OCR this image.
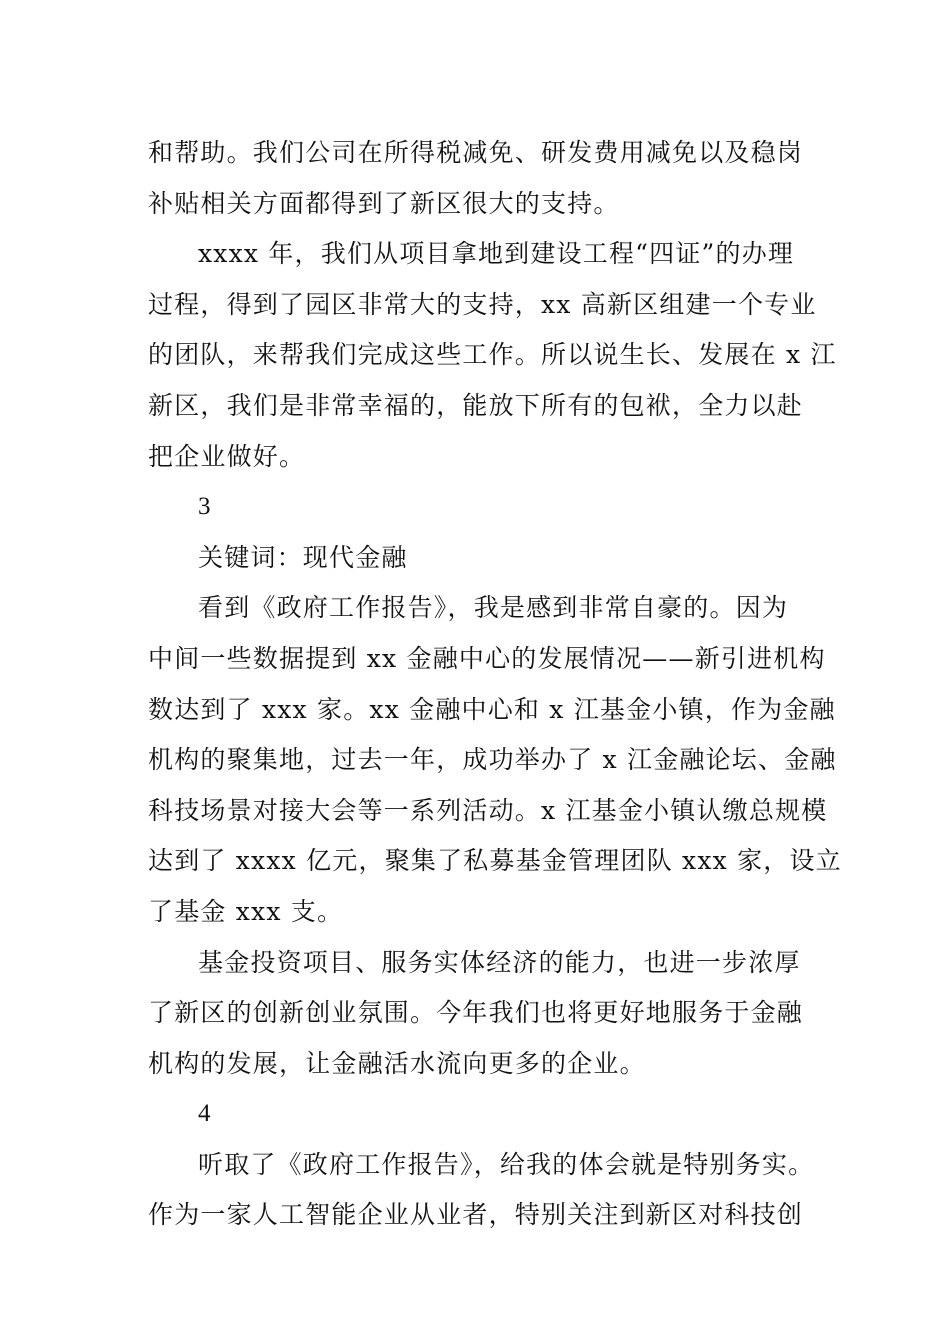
和帮助。我们公司在所得税减免、研发费用减免以及稳岗
补贴相关方面都得到了新区很大的支持。

xxxx 年，我们从项目拿地到建设工程“四证”的办理
过程，得到了园区非常大的支持，xx 高新区组建一个专业
的团队，来帮我们完成这些工作。所以说生长、发展在 x 江
新区，我们是非常幸福的，能放下所有的包袱，全力以赴
把企业做好。

3

关键词：现代金融

看到《政府工作报告》，我是感到非常自豪的。因为
中间一些数据提到 xx 金融中心的发展情况——新引进机构
数达到了 xxx 家。xx 金融中心和 x 江基金小镇，作为金融
机构的聚集地，过去一年，成功举办了 x 江金融论坛、金融
科技场景对接大会等一系列活动。x 江基金小镇认缴总规模
达到了 xxxx 亿元，聚集了私募基金管理团队 xxx 家，设立
了基金 xxx 支。

基金投资项目、服务实体经济的能力，也进一步浓厚
了新区的创新创业氛围。今年我们也将更好地服务于金融
机构的发展，让金融活水流向更多的企业。

4

听取了《政府工作报告》，给我的体会就是特别务实。
作为一家人工智能企业从业者，特别关注到新区对科技创
